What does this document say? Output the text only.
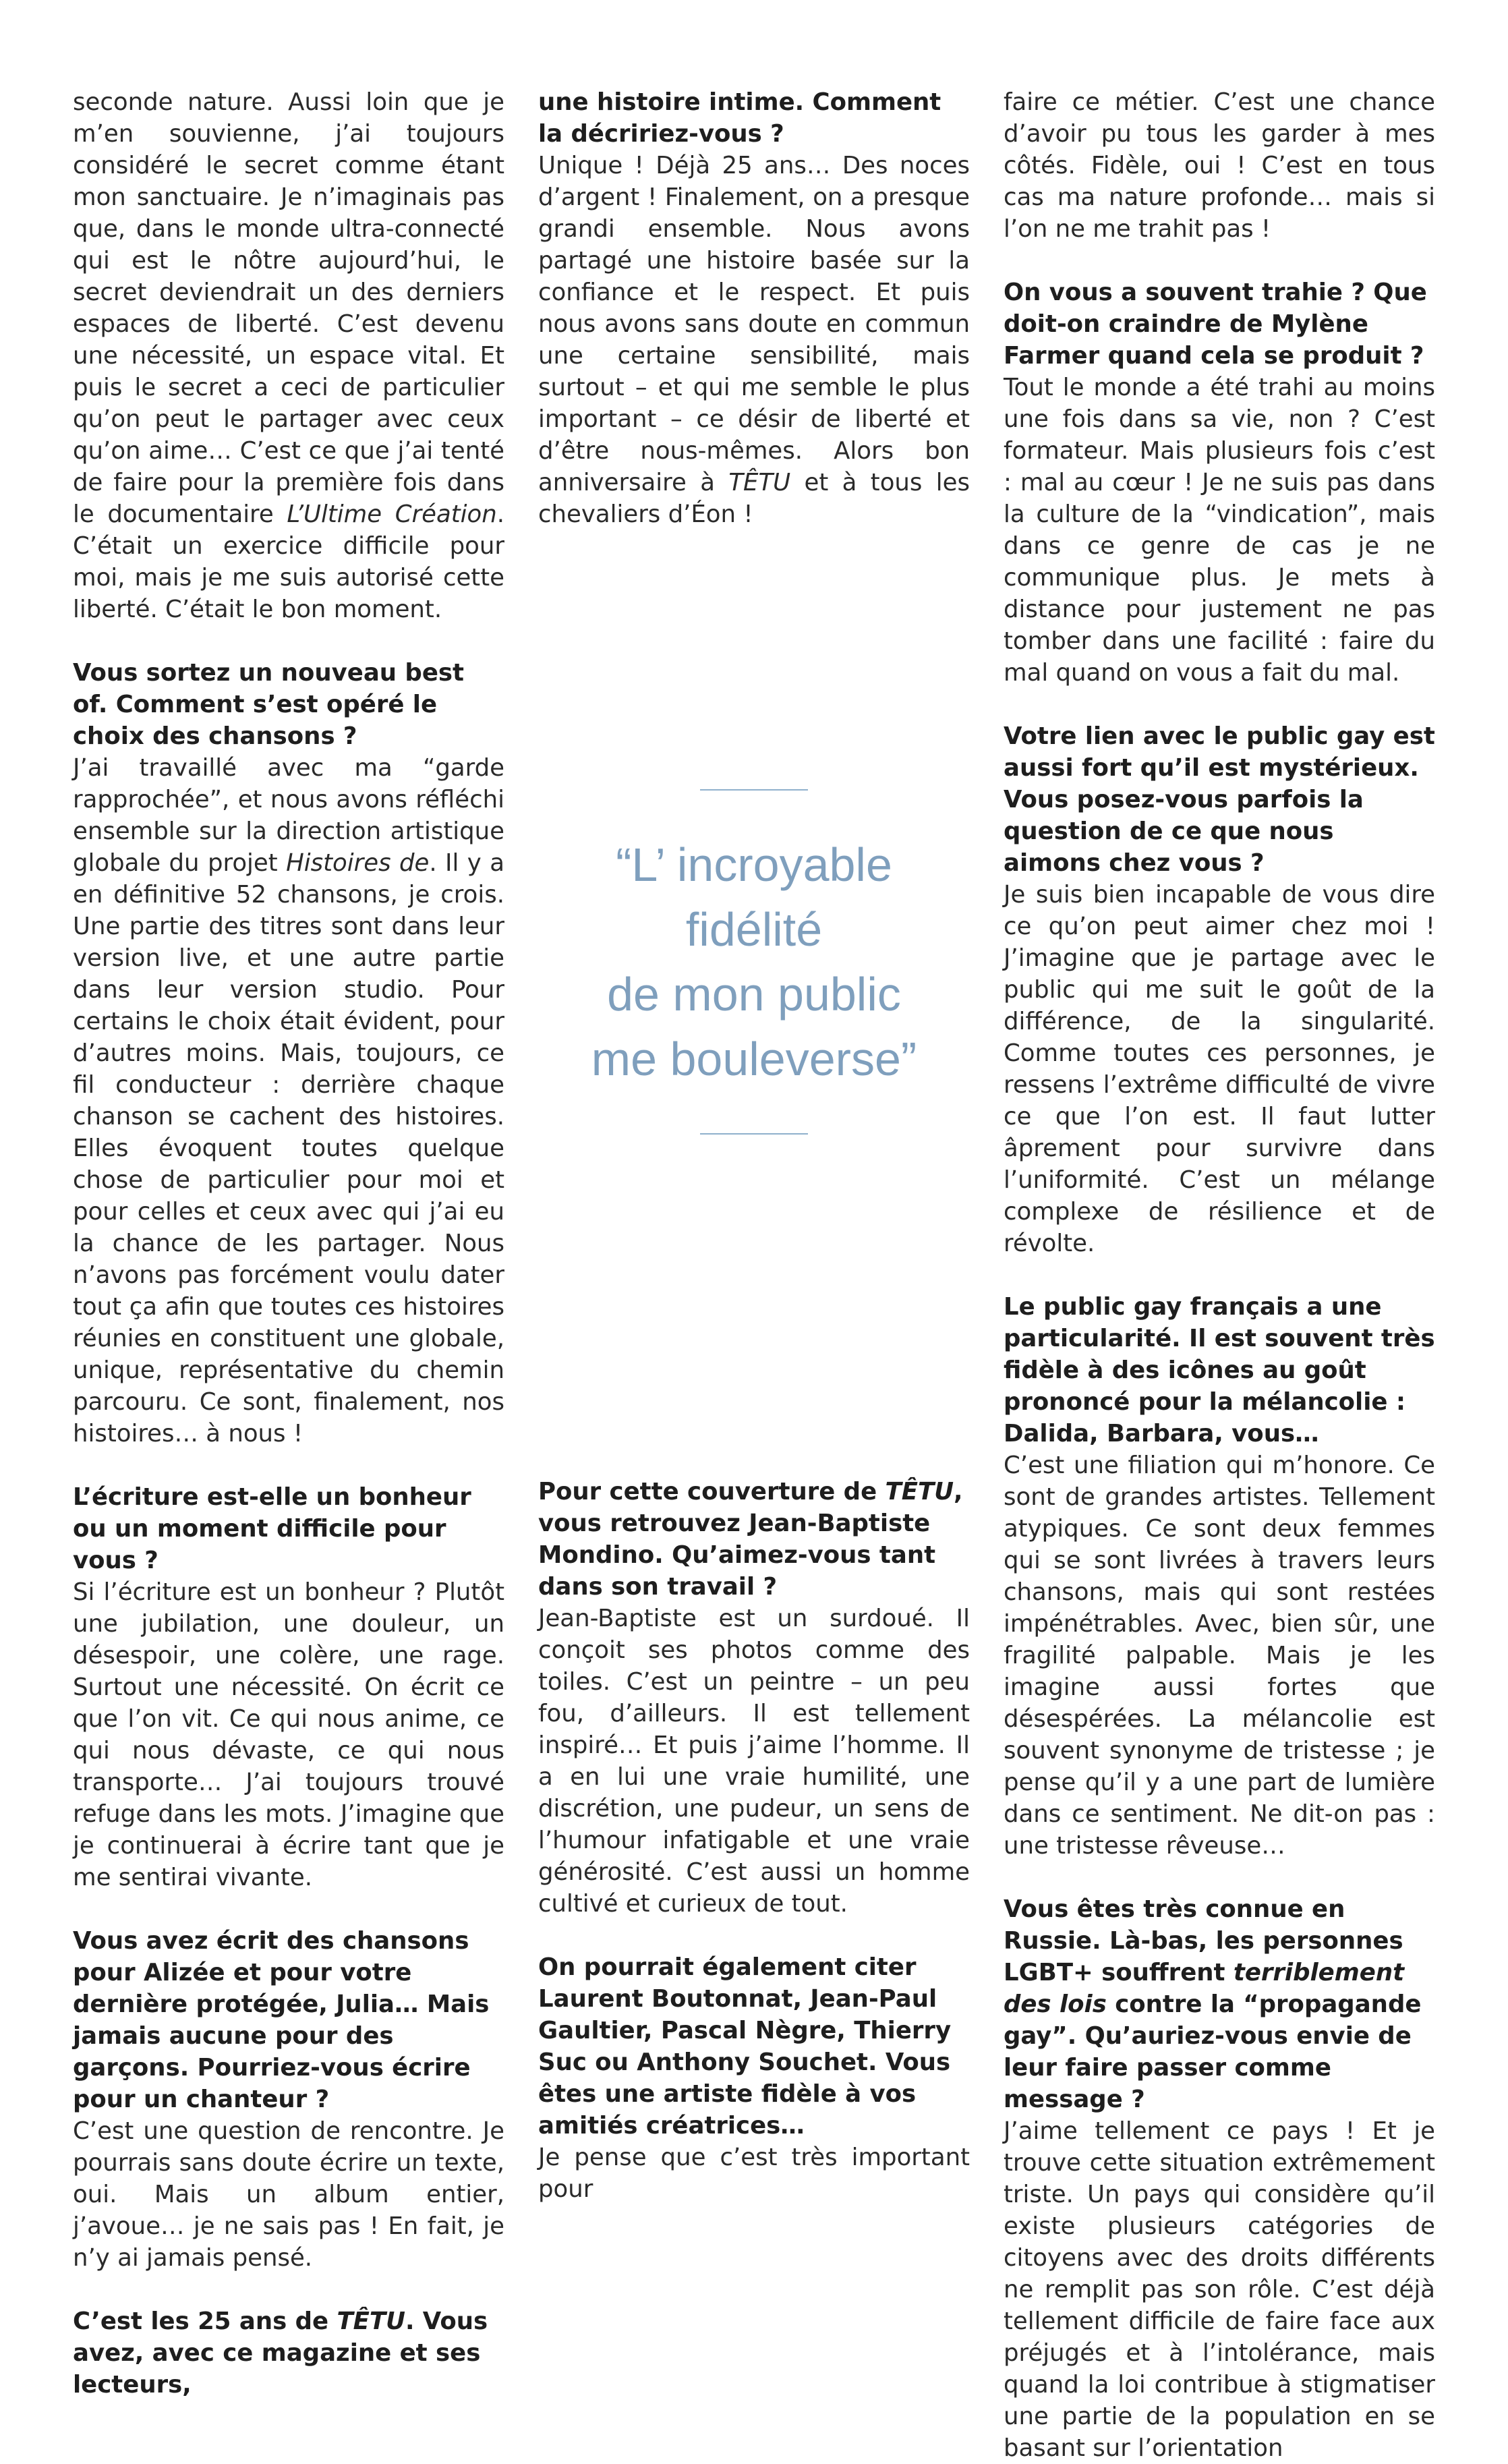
seconde nature. Aussi loin que je m’en souvienne, j’ai toujours considéré le secret comme étant mon sanctuaire. Je n’imaginais pas que, dans le monde ultra-connecté qui est le nôtre aujourd’hui, le secret deviendrait un des derniers espaces de liberté. C’est devenu une nécessité, un espace vital. Et puis le secret a ceci de particulier qu’on peut le partager avec ceux qu’on aime… C’est ce que j’ai tenté de faire pour la première fois dans le documentaire L’Ultime Création. C’était un exercice difficile pour moi, mais je me suis autorisé cette liberté. C’était le bon moment.

Vous sortez un nouveau best of. Comment s’est opéré le choix des chansons ?

J’ai travaillé avec ma “garde rapprochée”, et nous avons réfléchi ensemble sur la direction artistique globale du projet Histoires de. Il y a en définitive 52 chansons, je crois. Une partie des titres sont dans leur version live, et une autre partie dans leur version studio. Pour certains le choix était évident, pour d’autres moins. Mais, toujours, ce fil conducteur : derrière chaque chanson se cachent des histoires. Elles évoquent toutes quelque chose de particulier pour moi et pour celles et ceux avec qui j’ai eu la chance de les partager. Nous n’avons pas forcément voulu dater tout ça afin que toutes ces histoires réunies en constituent une globale, unique, représentative du chemin parcouru. Ce sont, finalement, nos histoires… à nous !

L’écriture est-elle un bonheur ou un moment difficile pour vous ?

Si l’écriture est un bonheur ? Plutôt une jubilation, une douleur, un désespoir, une colère, une rage. Surtout une nécessité. On écrit ce que l’on vit. Ce qui nous anime, ce qui nous dévaste, ce qui nous transporte… J’ai toujours trouvé refuge dans les mots. J’imagine que je continuerai à écrire tant que je me sentirai vivante.

Vous avez écrit des chansons pour Alizée et pour votre dernière protégée, Julia… Mais jamais aucune pour des garçons. Pourriez-vous écrire pour un chanteur ?

C’est une question de rencontre. Je pourrais sans doute écrire un texte, oui. Mais un album entier, j’avoue… je ne sais pas ! En fait, je n’y ai jamais pensé.

C’est les 25 ans de TÊTU. Vous avez, avec ce magazine et ses lecteurs,

une histoire intime. Comment la décririez-vous ?

Unique ! Déjà 25 ans… Des noces d’argent ! Finalement, on a presque grandi ensemble. Nous avons partagé une histoire basée sur la confiance et le respect. Et puis nous avons sans doute en commun une certaine sensibilité, mais surtout – et qui me semble le plus important – ce désir de liberté et d’être nous-mêmes. Alors bon anniversaire à TÊTU et à tous les chevaliers d’Éon !

“L’ incroyable
fidélité
de mon public
me bouleverse”

Pour cette couverture de TÊTU, vous retrouvez Jean-Baptiste Mondino. Qu’aimez-vous tant dans son travail ?

Jean-Baptiste est un surdoué. Il conçoit ses photos comme des toiles. C’est un peintre – un peu fou, d’ailleurs. Il est tellement inspiré… Et puis j’aime l’homme. Il a en lui une vraie humilité, une discrétion, une pudeur, un sens de l’humour infatigable et une vraie générosité. C’est aussi un homme cultivé et curieux de tout.

On pourrait également citer Laurent Boutonnat, Jean-Paul Gaultier, Pascal Nègre, Thierry Suc ou Anthony Souchet. Vous êtes une artiste fidèle à vos amitiés créatrices…

Je pense que c’est très important pour

faire ce métier. C’est une chance d’avoir pu tous les garder à mes côtés. Fidèle, oui ! C’est en tous cas ma nature profonde… mais si l’on ne me trahit pas !

On vous a souvent trahie ? Que doit-on craindre de Mylène Farmer quand cela se produit ?

Tout le monde a été trahi au moins une fois dans sa vie, non ? C’est formateur. Mais plusieurs fois c’est : mal au cœur ! Je ne suis pas dans la culture de la “vindication”, mais dans ce genre de cas je ne communique plus. Je mets à distance pour justement ne pas tomber dans une facilité : faire du mal quand on vous a fait du mal.

Votre lien avec le public gay est aussi fort qu’il est mystérieux. Vous posez-vous parfois la question de ce que nous aimons chez vous ?

Je suis bien incapable de vous dire ce qu’on peut aimer chez moi ! J’imagine que je partage avec le public qui me suit le goût de la différence, de la singularité. Comme toutes ces personnes, je ressens l’extrême difficulté de vivre ce que l’on est. Il faut lutter âprement pour survivre dans l’uniformité. C’est un mélange complexe de résilience et de révolte.

Le public gay français a une particularité. Il est souvent très fidèle à des icônes au goût prononcé pour la mélancolie : Dalida, Barbara, vous…

C’est une filiation qui m’honore. Ce sont de grandes artistes. Tellement atypiques. Ce sont deux femmes qui se sont livrées à travers leurs chansons, mais qui sont restées impénétrables. Avec, bien sûr, une fragilité palpable. Mais je les imagine aussi fortes que désespérées. La mélancolie est souvent synonyme de tristesse ; je pense qu’il y a une part de lumière dans ce sentiment. Ne dit-on pas : une tristesse rêveuse…

Vous êtes très connue en Russie. Là-bas, les personnes LGBT+ souffrent terriblement des lois contre la “propagande gay”. Qu’auriez-vous envie de leur faire passer comme message ?

J’aime tellement ce pays ! Et je trouve cette situation extrêmement triste. Un pays qui considère qu’il existe plusieurs catégories de citoyens avec des droits différents ne remplit pas son rôle. C’est déjà tellement difficile de faire face aux préjugés et à l’intolérance, mais quand la loi contribue à stigmatiser une partie de la population en se basant sur l’orientation
